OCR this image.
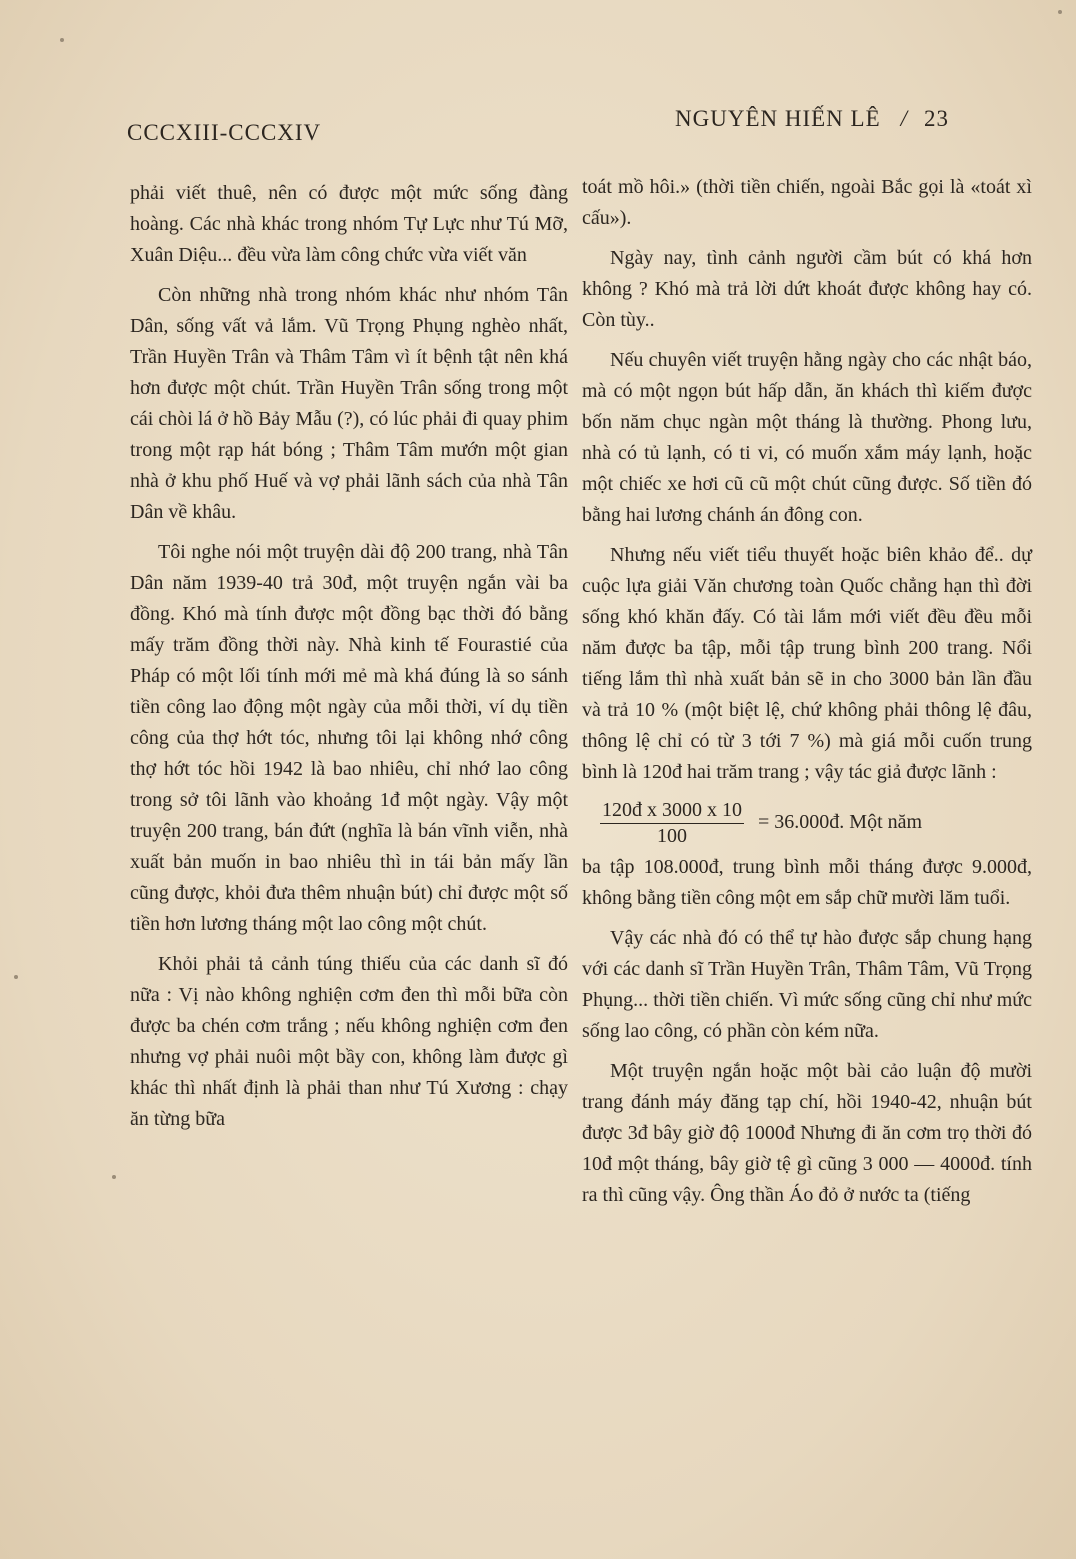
CCCXIII-CCCXIV
NGUYÊN HIẾN LÊ / 23

phải viết thuê, nên có được một mức sống đàng hoàng. Các nhà khác trong nhóm Tự Lực như Tú Mỡ, Xuân Diệu... đều vừa làm công chức vừa viết văn

Còn những nhà trong nhóm khác như nhóm Tân Dân, sống vất vả lắm. Vũ Trọng Phụng nghèo nhất, Trần Huyền Trân và Thâm Tâm vì ít bệnh tật nên khá hơn được một chút. Trần Huyền Trân sống trong một cái chòi lá ở hồ Bảy Mẫu (?), có lúc phải đi quay phim trong một rạp hát bóng ; Thâm Tâm mướn một gian nhà ở khu phố Huế và vợ phải lãnh sách của nhà Tân Dân về khâu.

Tôi nghe nói một truyện dài độ 200 trang, nhà Tân Dân năm 1939-40 trả 30đ, một truyện ngắn vài ba đồng. Khó mà tính được một đồng bạc thời đó bằng mấy trăm đồng thời này. Nhà kinh tế Fourastié của Pháp có một lối tính mới mẻ mà khá đúng là so sánh tiền công lao động một ngày của mỗi thời, ví dụ tiền công của thợ hớt tóc, nhưng tôi lại không nhớ công thợ hớt tóc hồi 1942 là bao nhiêu, chỉ nhớ lao công trong sở tôi lãnh vào khoảng 1đ một ngày. Vậy một truyện 200 trang, bán đứt (nghĩa là bán vĩnh viễn, nhà xuất bản muốn in bao nhiêu thì in tái bản mấy lần cũng được, khỏi đưa thêm nhuận bút) chỉ được một số tiền hơn lương tháng một lao công một chút.

Khỏi phải tả cảnh túng thiếu của các danh sĩ đó nữa : Vị nào không nghiện cơm đen thì mỗi bữa còn được ba chén cơm trắng ; nếu không nghiện cơm đen nhưng vợ phải nuôi một bầy con, không làm được gì khác thì nhất định là phải than như Tú Xương : chạy ăn từng bữa

toát mồ hôi.» (thời tiền chiến, ngoài Bắc gọi là «toát xì cấu»).

Ngày nay, tình cảnh người cầm bút có khá hơn không ? Khó mà trả lời dứt khoát được không hay có. Còn tùy..

Nếu chuyên viết truyện hằng ngày cho các nhật báo, mà có một ngọn bút hấp dẫn, ăn khách thì kiếm được bốn năm chục ngàn một tháng là thường. Phong lưu, nhà có tủ lạnh, có ti vi, có muốn xắm máy lạnh, hoặc một chiếc xe hơi cũ cũ một chút cũng được. Số tiền đó bằng hai lương chánh án đông con.

Nhưng nếu viết tiểu thuyết hoặc biên khảo để.. dự cuộc lựa giải Văn chương toàn Quốc chẳng hạn thì đời sống khó khăn đấy. Có tài lắm mới viết đều đều mỗi năm được ba tập, mỗi tập trung bình 200 trang. Nổi tiếng lắm thì nhà xuất bản sẽ in cho 3000 bản lần đầu và trả 10 % (một biệt lệ, chứ không phải thông lệ đâu, thông lệ chỉ có từ 3 tới 7 %) mà giá mỗi cuốn trung bình là 120đ hai trăm trang ; vậy tác giả được lãnh :

$\frac{\text{120đ x 3000 x 10}}{100}$ = 36.000đ. Một năm

ba tập 108.000đ, trung bình mỗi tháng được 9.000đ, không bằng tiền công một em sắp chữ mười lăm tuổi.

Vậy các nhà đó có thể tự hào được sắp chung hạng với các danh sĩ Trần Huyền Trân, Thâm Tâm, Vũ Trọng Phụng... thời tiền chiến. Vì mức sống cũng chỉ như mức sống lao công, có phần còn kém nữa.

Một truyện ngắn hoặc một bài cảo luận độ mười trang đánh máy đăng tạp chí, hồi 1940-42, nhuận bút được 3đ bây giờ độ 1000đ Nhưng đi ăn cơm trọ thời đó 10đ một tháng, bây giờ tệ gì cũng 3 000 — 4000đ. tính ra thì cũng vậy. Ông thần Áo đỏ ở nước ta (tiếng
